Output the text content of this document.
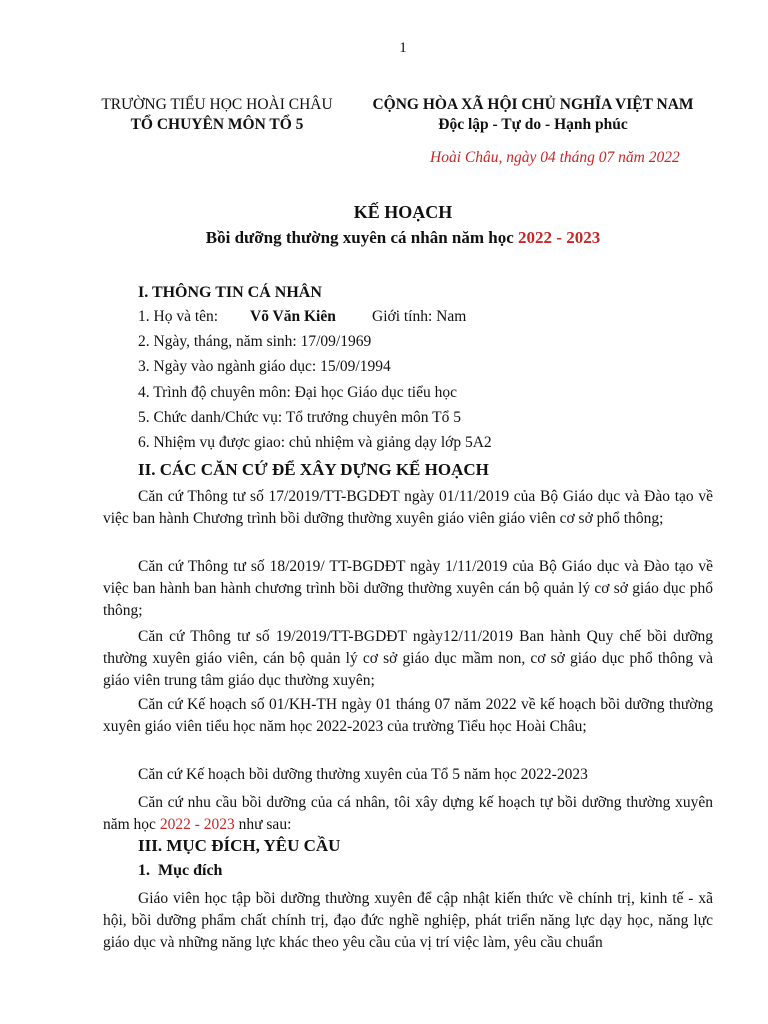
1
TRƯỜNG TIỂU HỌC HOÀI CHÂU
TỔ CHUYÊN MÔN TỔ 5
CỘNG HÒA XÃ HỘI CHỦ NGHĨA VIỆT NAM
Độc lập - Tự do - Hạnh phúc
Hoài Châu, ngày 04 tháng 07 năm 2022
KẾ HOẠCH
Bồi dưỡng thường xuyên cá nhân năm học 2022 - 2023
I. THÔNG TIN CÁ NHÂN
1. Họ và tên: Võ Văn Kiên Giới tính: Nam
2. Ngày, tháng, năm sinh: 17/09/1969
3. Ngày vào ngành giáo dục: 15/09/1994
4. Trình độ chuyên môn: Đại học Giáo dục tiểu học
5. Chức danh/Chức vụ: Tổ trưởng chuyên môn Tổ 5
6. Nhiệm vụ được giao: chủ nhiệm và giảng dạy lớp 5A2
II. CÁC CĂN CỨ ĐỂ XÂY DỰNG KẾ HOẠCH
Căn cứ Thông tư số 17/2019/TT-BGDĐT ngày 01/11/2019 của Bộ Giáo dục và Đào tạo về việc ban hành Chương trình bồi dưỡng thường xuyên giáo viên giáo viên cơ sở phổ thông;
Căn cứ Thông tư số 18/2019/ TT-BGDĐT ngày 1/11/2019 của Bộ Giáo dục và Đào tạo về việc ban hành ban hành chương trình bồi dưỡng thường xuyên cán bộ quản lý cơ sở giáo dục phổ thông;
Căn cứ Thông tư số 19/2019/TT-BGDĐT ngày12/11/2019 Ban hành Quy chế bồi dưỡng thường xuyên giáo viên, cán bộ quản lý cơ sở giáo dục mầm non, cơ sở giáo dục phổ thông và giáo viên trung tâm giáo dục thường xuyên;
Căn cứ Kế hoạch số 01/KH-TH ngày 01 tháng 07 năm 2022 về kế hoạch bồi dưỡng thường xuyên giáo viên tiểu học năm học 2022-2023 của trường Tiểu học Hoài Châu;
Căn cứ Kế hoạch bồi dưỡng thường xuyên của Tổ 5 năm học 2022-2023
Căn cứ nhu cầu bồi dưỡng của cá nhân, tôi xây dựng kế hoạch tự bồi dưỡng thường xuyên năm học 2022 - 2023 như sau:
III. MỤC ĐÍCH, YÊU CẦU
1.  Mục đích
Giáo viên học tập bồi dưỡng thường xuyên để cập nhật kiến thức về chính trị, kinh tế - xã hội, bồi dưỡng phẩm chất chính trị, đạo đức nghề nghiệp, phát triển năng lực dạy học, năng lực giáo dục và những năng lực khác theo yêu cầu của vị trí việc làm, yêu cầu chuẩn
